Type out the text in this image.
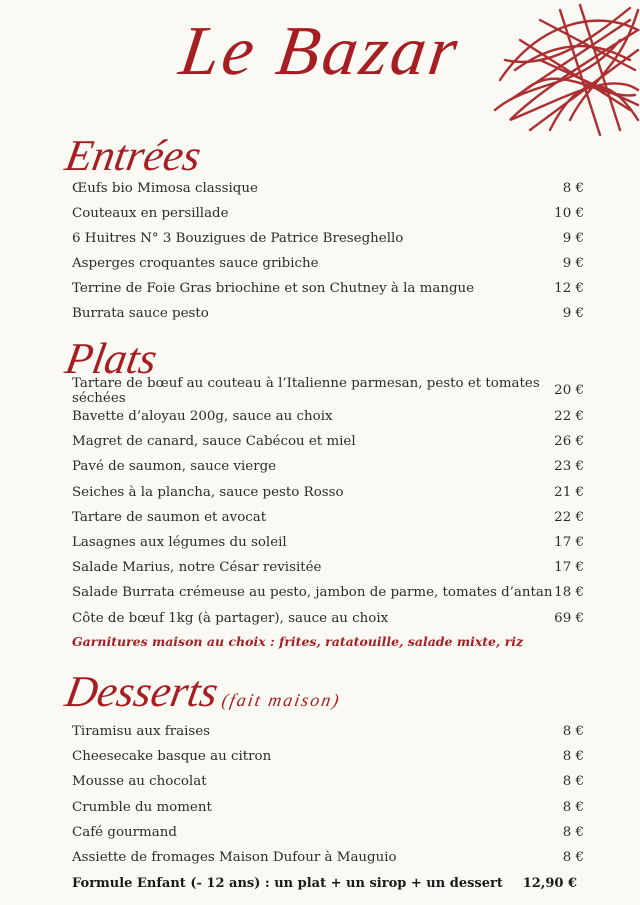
Le Bazar
Entrées
Œufs bio Mimosa classique	8 €
Couteaux en persillade	10 €
6 Huitres N° 3 Bouzigues de Patrice Breseghello	9 €
Asperges croquantes sauce gribiche	9 €
Terrine de Foie Gras briochine et son Chutney à la mangue	12 €
Burrata sauce pesto	9 €
Plats
Tartare de bœuf au couteau à l’Italienne parmesan, pesto et tomates séchées	20 €
Bavette d’aloyau 200g, sauce au choix	22 €
Magret de canard, sauce Cabécou et miel	26 €
Pavé de saumon, sauce vierge	23 €
Seiches à la plancha, sauce pesto Rosso	21 €
Tartare de saumon et avocat	22 €
Lasagnes aux légumes du soleil	17 €
Salade Marius, notre César revisitée	17 €
Salade Burrata crémeuse au pesto, jambon de parme, tomates d’antan 18 €
Côte de bœuf 1kg (à partager), sauce au choix	69 €
Garnitures maison au choix : frites, ratatouille, salade mixte, riz
Desserts(fait maison)
Tiramisu aux fraises	8 €
Cheesecake basque au citron	8 €
Mousse au chocolat	8 €
Crumble du moment	8 €
Café gourmand	8 €
Assiette de fromages Maison Dufour à Mauguio	8 €
Formule Enfant (- 12 ans) : un plat + un sirop + un dessert 12,90 €
